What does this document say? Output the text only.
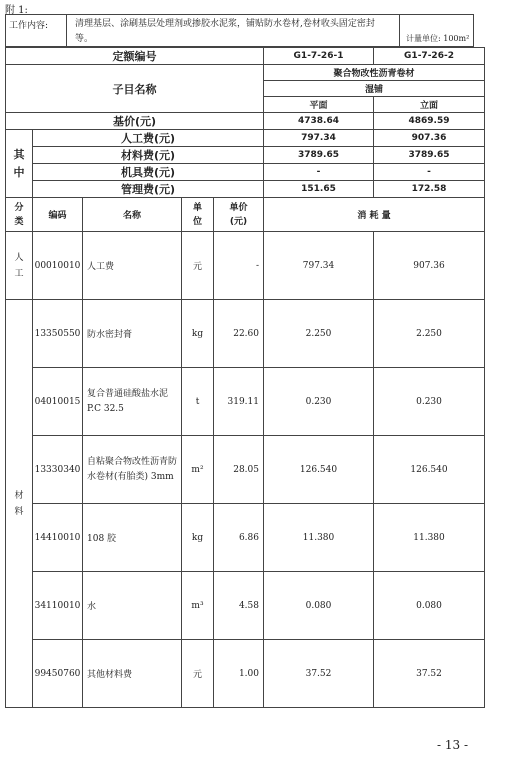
附 1:
工作内容:	清理基层、涂刷基层处理剂或掺胶水泥浆，铺贴防水卷材,卷材收头固定密封等。	计量单位: 100m²
定额编号					G1-7-26-1	G1-7-26-2
子目名称					聚合物改性沥青卷材	
					湿铺	
					平面	立面
基价(元)					4738.64	4869.59
其中	人工费(元)				797.34	907.36
	材料费(元)				3789.65	3789.65
	机具费(元)				-	-
	管理费(元)				151.65	172.58
分类	编码	名称	单位	单价(元)	消 耗 量	
人工	00010010	人工费	元	-	797.34	907.36
材料	13350550	防水密封膏	kg	22.60	2.250	2.250
	04010015	复合普通硅酸盐水泥 P.C 32.5	t	319.11	0.230	0.230
	13330340	自粘聚合物改性沥青防水卷材(有胎类) 3mm	m²	28.05	126.540	126.540
	14410010	108 胶	kg	6.86	11.380	11.380
	34110010	水	m³	4.58	0.080	0.080
	99450760	其他材料费	元	1.00	37.52	37.52
- 13 -
